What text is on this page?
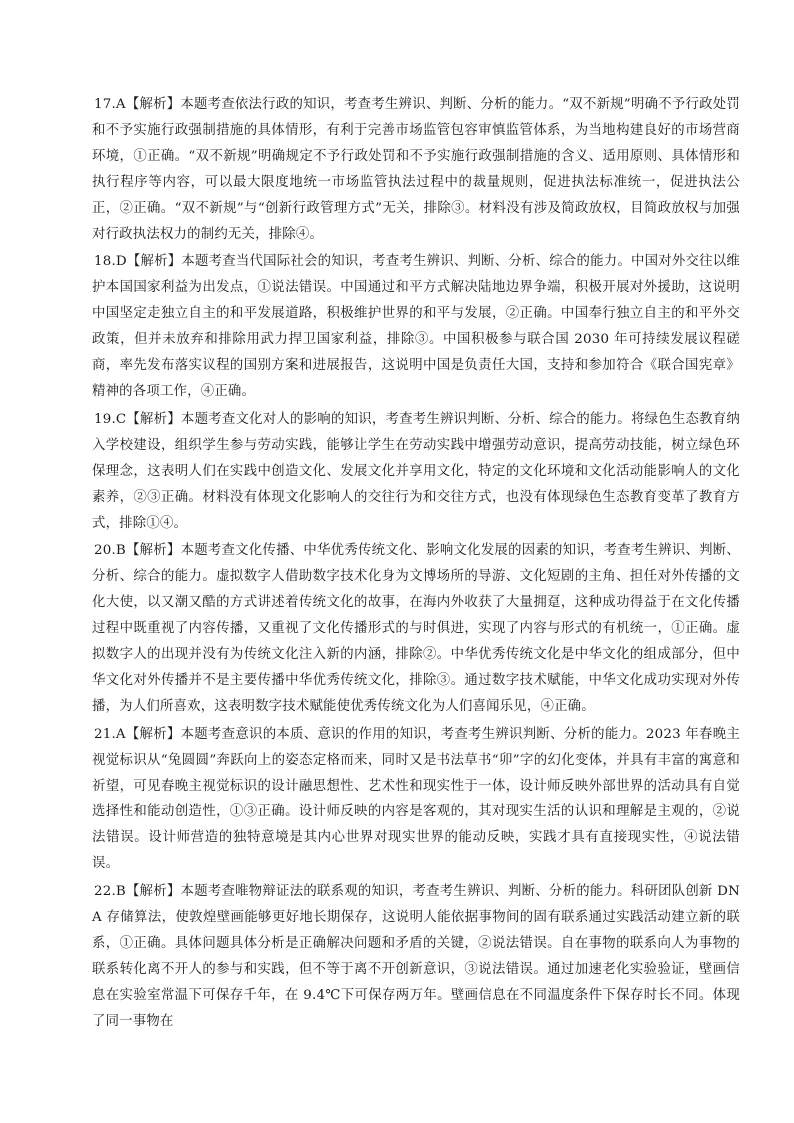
17.A【解析】本题考查依法行政的知识，考查考生辨识、判断、分析的能力。“双不新规”明确不予行政处罚和不予实施行政强制措施的具体情形，有利于完善市场监管包容审慎监管体系，为当地构建良好的市场营商环境，①正确。“双不新规”明确规定不予行政处罚和不予实施行政强制措施的含义、适用原则、具体情形和执行程序等内容，可以最大限度地统一市场监管执法过程中的裁量规则，促进执法标准统一，促进执法公正，②正确。“双不新规”与“创新行政管理方式”无关，排除③。材料没有涉及简政放权，目简政放权与加强对行政执法权力的制约无关，排除④。

18.D【解析】本题考查当代国际社会的知识，考查考生辨识、判断、分析、综合的能力。中国对外交往以维护本国国家利益为出发点，①说法错误。中国通过和平方式解决陆地边界争端，积极开展对外援助，这说明中国坚定走独立自主的和平发展道路，积极维护世界的和平与发展，②正确。中国奉行独立自主的和平外交政策，但并未放弃和排除用武力捍卫国家利益，排除③。中国积极参与联合国 2030 年可持续发展议程磋商，率先发布落实议程的国别方案和进展报告，这说明中国是负责任大国，支持和参加符合《联合国宪章》精神的各项工作，④正确。

19.C【解析】本题考查文化对人的影响的知识，考查考生辨识判断、分析、综合的能力。将绿色生态教育纳入学校建设，组织学生参与劳动实践，能够让学生在劳动实践中增强劳动意识，提高劳动技能，树立绿色环保理念，这表明人们在实践中创造文化、发展文化并享用文化，特定的文化环境和文化活动能影响人的文化素养，②③正确。材料没有体现文化影响人的交往行为和交往方式，也没有体现绿色生态教育变革了教育方式，排除①④。

20.B【解析】本题考查文化传播、中华优秀传统文化、影响文化发展的因素的知识，考查考生辨识、判断、分析、综合的能力。虚拟数字人借助数字技术化身为文博场所的导游、文化短剧的主角、担任对外传播的文化大使，以又潮又酷的方式讲述着传统文化的故事，在海内外收获了大量拥趸，这种成功得益于在文化传播过程中既重视了内容传播，又重视了文化传播形式的与时俱进，实现了内容与形式的有机统一，①正确。虚拟数字人的出现并没有为传统文化注入新的内涵，排除②。中华优秀传统文化是中华文化的组成部分，但中华文化对外传播并不是主要传播中华优秀传统文化，排除③。通过数字技术赋能，中华文化成功实现对外传播，为人们所喜欢，这表明数字技术赋能使优秀传统文化为人们喜闻乐见，④正确。

21.A【解析】本题考查意识的本质、意识的作用的知识，考查考生辨识判断、分析的能力。2023 年春晚主视觉标识从“兔圆圆”奔跃向上的姿态定格而来，同时又是书法草书“卯”字的幻化变体，并具有丰富的寓意和祈望，可见春晚主视觉标识的设计融思想性、艺术性和现实性于一体，设计师反映外部世界的活动具有自觉选择性和能动创造性，①③正确。设计师反映的内容是客观的，其对现实生活的认识和理解是主观的，②说法错误。设计师营造的独特意境是其内心世界对现实世界的能动反映，实践才具有直接现实性，④说法错误。

22.B【解析】本题考查唯物辩证法的联系观的知识，考查考生辨识、判断、分析的能力。科研团队创新 DNA 存储算法，使敦煌壁画能够更好地长期保存，这说明人能依据事物间的固有联系通过实践活动建立新的联系，①正确。具体问题具体分析是正确解决问题和矛盾的关键，②说法错误。自在事物的联系向人为事物的联系转化离不开人的参与和实践，但不等于离不开创新意识，③说法错误。通过加速老化实验验证，壁画信息在实验室常温下可保存千年，在 9.4℃下可保存两万年。壁画信息在不同温度条件下保存时长不同。体现了同一事物在
